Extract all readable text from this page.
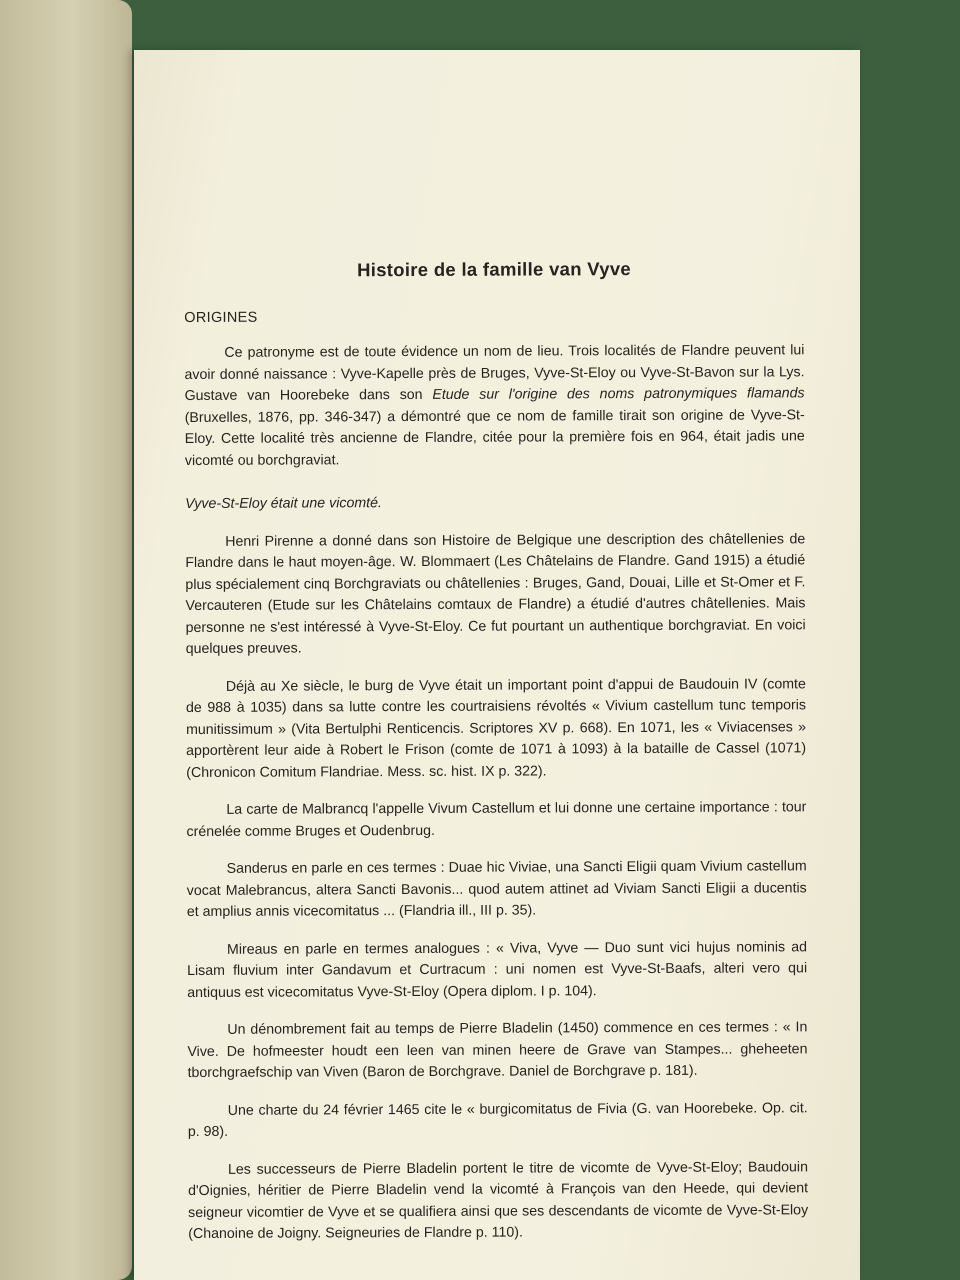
Histoire de la famille van Vyve
ORIGINES

Ce patronyme est de toute évidence un nom de lieu. Trois localités de Flandre peuvent lui avoir donné naissance : Vyve-Kapelle près de Bruges, Vyve-St-Eloy ou Vyve-St-Bavon sur la Lys. Gustave van Hoorebeke dans son Etude sur l'origine des noms patronymiques flamands (Bruxelles, 1876, pp. 346-347) a démontré que ce nom de famille tirait son origine de Vyve-St-Eloy. Cette localité très ancienne de Flandre, citée pour la première fois en 964, était jadis une vicomté ou borchgraviat.

Vyve-St-Eloy était une vicomté.

Henri Pirenne a donné dans son Histoire de Belgique une description des châtellenies de Flandre dans le haut moyen-âge. W. Blommaert (Les Châtelains de Flandre. Gand 1915) a étudié plus spécialement cinq Borchgraviats ou châtellenies : Bruges, Gand, Douai, Lille et St-Omer et F. Vercauteren (Etude sur les Châtelains comtaux de Flandre) a étudié d'autres châtellenies. Mais personne ne s'est intéressé à Vyve-St-Eloy. Ce fut pourtant un authentique borchgraviat. En voici quelques preuves.

Déjà au Xe siècle, le burg de Vyve était un important point d'appui de Baudouin IV (comte de 988 à 1035) dans sa lutte contre les courtraisiens révoltés « Vivium castellum tunc temporis munitissimum » (Vita Bertulphi Renticencis. Scriptores XV p. 668). En 1071, les « Viviacenses » apportèrent leur aide à Robert le Frison (comte de 1071 à 1093) à la bataille de Cassel (1071) (Chronicon Comitum Flandriae. Mess. sc. hist. IX p. 322).

La carte de Malbrancq l'appelle Vivum Castellum et lui donne une certaine importance : tour crénelée comme Bruges et Oudenbrug.

Sanderus en parle en ces termes : Duae hic Viviae, una Sancti Eligii quam Vivium castellum vocat Malebrancus, altera Sancti Bavonis... quod autem attinet ad Viviam Sancti Eligii a ducentis et amplius annis vicecomitatus ... (Flandria ill., III p. 35).

Mireaus en parle en termes analogues : « Viva, Vyve — Duo sunt vici hujus nominis ad Lisam fluvium inter Gandavum et Curtracum : uni nomen est Vyve-St-Baafs, alteri vero qui antiquus est vicecomitatus Vyve-St-Eloy (Opera diplom. I p. 104).

Un dénombrement fait au temps de Pierre Bladelin (1450) commence en ces termes : « In Vive. De hofmeester houdt een leen van minen heere de Grave van Stampes... gheheeten tborchgraefschip van Viven (Baron de Borchgrave. Daniel de Borchgrave p. 181).

Une charte du 24 février 1465 cite le « burgicomitatus de Fivia (G. van Hoorebeke. Op. cit. p. 98).

Les successeurs de Pierre Bladelin portent le titre de vicomte de Vyve-St-Eloy; Baudouin d'Oignies, héritier de Pierre Bladelin vend la vicomté à François van den Heede, qui devient seigneur vicomtier de Vyve et se qualifiera ainsi que ses descendants de vicomte de Vyve-St-Eloy (Chanoine de Joigny. Seigneuries de Flandre p. 110).
